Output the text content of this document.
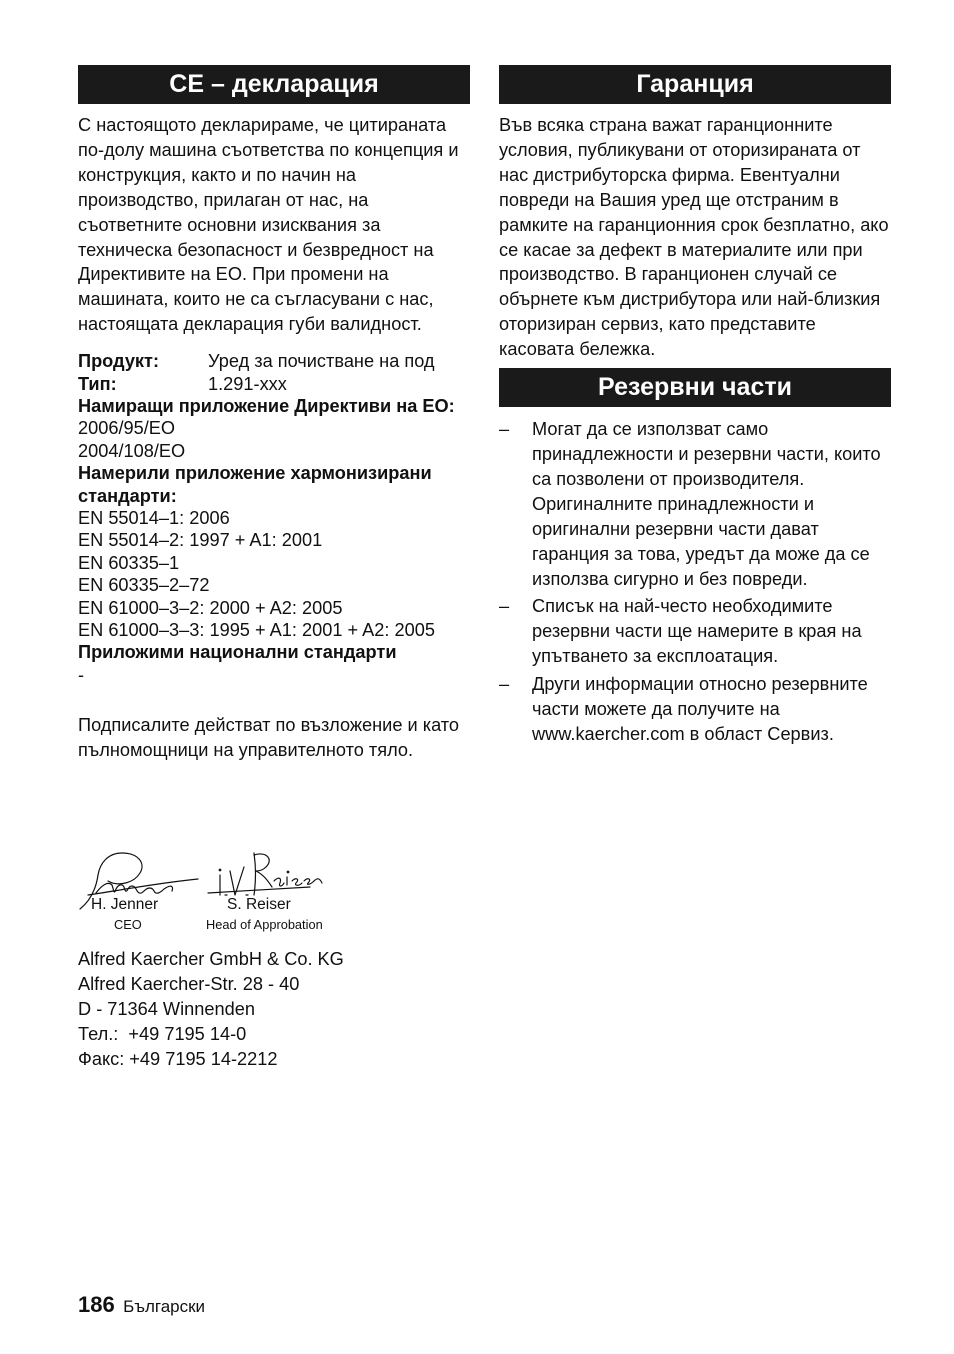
CE – декларация

С настоящото декларираме, че цитираната по-долу машина съответства по концепция и конструкция, както и по начин на производство, прилаган от нас, на съответните основни изисквания за техническа безопасност и безвредност на Директивите на ЕО. При промени на машината, които не са съгласувани с нас, настоящата декларация губи валидност.

Продукт:	Уред за почистване на под
Тип:	1.291-xxx
Намиращи приложение Директиви на ЕО:
2006/95/ЕО
2004/108/ЕО
Намерили приложение хармонизирани стандарти:
EN 55014–1: 2006
EN 55014–2: 1997 + A1: 2001
EN 60335–1
EN 60335–2–72
EN 61000–3–2: 2000 + A2: 2005
EN 61000–3–3: 1995 + A1: 2001 + A2: 2005
Приложими национални стандарти
-

Подписалите действат по възложение и като пълномощници на управителното тяло.

H. Jenner
CEO
S. Reiser
Head of Approbation
Alfred Kaercher GmbH & Co. KG
Alfred Kaercher-Str. 28 - 40
D - 71364 Winnenden
Тел.:  +49 7195 14-0
Факс: +49 7195 14-2212
Гаранция

Във всяка страна важат гаранционните условия, публикувани от оторизираната от нас дистрибуторска фирма. Евентуални повреди на Вашия уред ще отстраним в рамките на гаранционния срок безплатно, ако се касае за дефект в материалите или при производство. В гаранционен случай се обърнете към дистрибутора или най-близкия оторизиран сервиз, като представите касовата бележка.

Резервни части
– Могат да се използват само принадлежности и резервни части, които са позволени от производителя. Оригиналните принадлежности и оригинални резервни части дават гаранция за това, уредът да може да се използва сигурно и без повреди.
– Списък на най-често необходимите резервни части ще намерите в края на упътването за експлоатация.
– Други информации относно резервните части можете да получите на www.kaercher.com в област Сервиз.
186 Български
